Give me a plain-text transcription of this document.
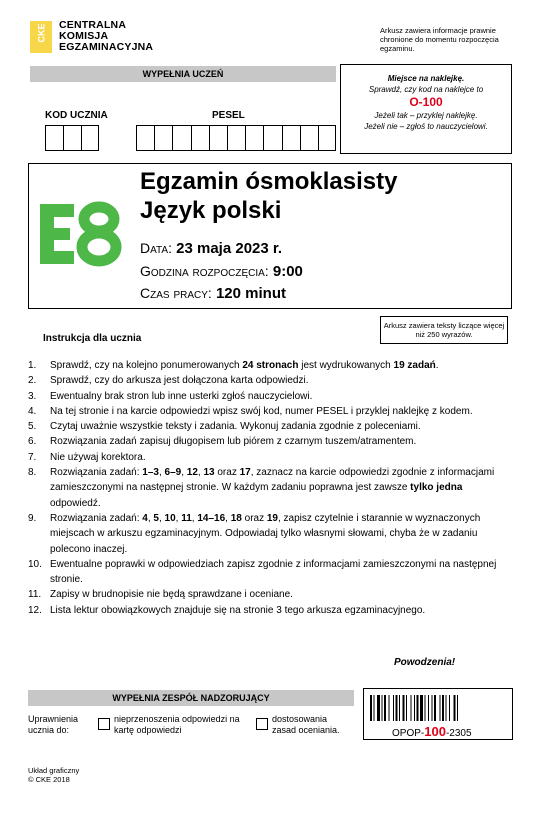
CKE CENTRALNA
KOMISJA
EGZAMINACYJNA
Arkusz zawiera informacje prawnie chronione do momentu rozpoczęcia egzaminu.
WYPEŁNIA UCZEŃ
KOD UCZNIA	PESEL
Miejsce na naklejkę.
Sprawdź, czy kod na naklejce to
O-100
Jeżeli tak – przyklej naklejkę.
Jeżeli nie – zgłoś to nauczycielowi.
Egzamin ósmoklasisty
Język polski
Data: 23 maja 2023 r.
Godzina rozpoczęcia: 9:00
Czas pracy: 120 minut
Arkusz zawiera teksty liczące więcej niż 250 wyrazów.
Instrukcja dla ucznia
1.	Sprawdź, czy na kolejno ponumerowanych 24 stronach jest wydrukowanych 19 zadań.
2.	Sprawdź, czy do arkusza jest dołączona karta odpowiedzi.
3.	Ewentualny brak stron lub inne usterki zgłoś nauczycielowi.
4.	Na tej stronie i na karcie odpowiedzi wpisz swój kod, numer PESEL i przyklej naklejkę z kodem.
5.	Czytaj uważnie wszystkie teksty i zadania. Wykonuj zadania zgodnie z poleceniami.
6.	Rozwiązania zadań zapisuj długopisem lub piórem z czarnym tuszem/atramentem.
7.	Nie używaj korektora.
8.	Rozwiązania zadań: 1–3, 6–9, 12, 13 oraz 17, zaznacz na karcie odpowiedzi zgodnie z informacjami zamieszczonymi na następnej stronie. W każdym zadaniu poprawna jest zawsze tylko jedna odpowiedź.
9.	Rozwiązania zadań: 4, 5, 10, 11, 14–16, 18 oraz 19, zapisz czytelnie i starannie w wyznaczonych miejscach w arkuszu egzaminacyjnym. Odpowiadaj tylko własnymi słowami, chyba że w zadaniu polecono inaczej.
10. Ewentualne poprawki w odpowiedziach zapisz zgodnie z informacjami zamieszczonymi na następnej stronie.
11. Zapisy w brudnopisie nie będą sprawdzane i oceniane.
12. Lista lektur obowiązkowych znajduje się na stronie 3 tego arkusza egzaminacyjnego.
Powodzenia!
WYPEŁNIA ZESPÓŁ NADZORUJĄCY
Uprawnienia ucznia do:
nieprzenoszenia odpowiedzi na kartę odpowiedzi
dostosowania zasad oceniania.	OPOP-100-2305
Układ graficzny
© CKE 2018
